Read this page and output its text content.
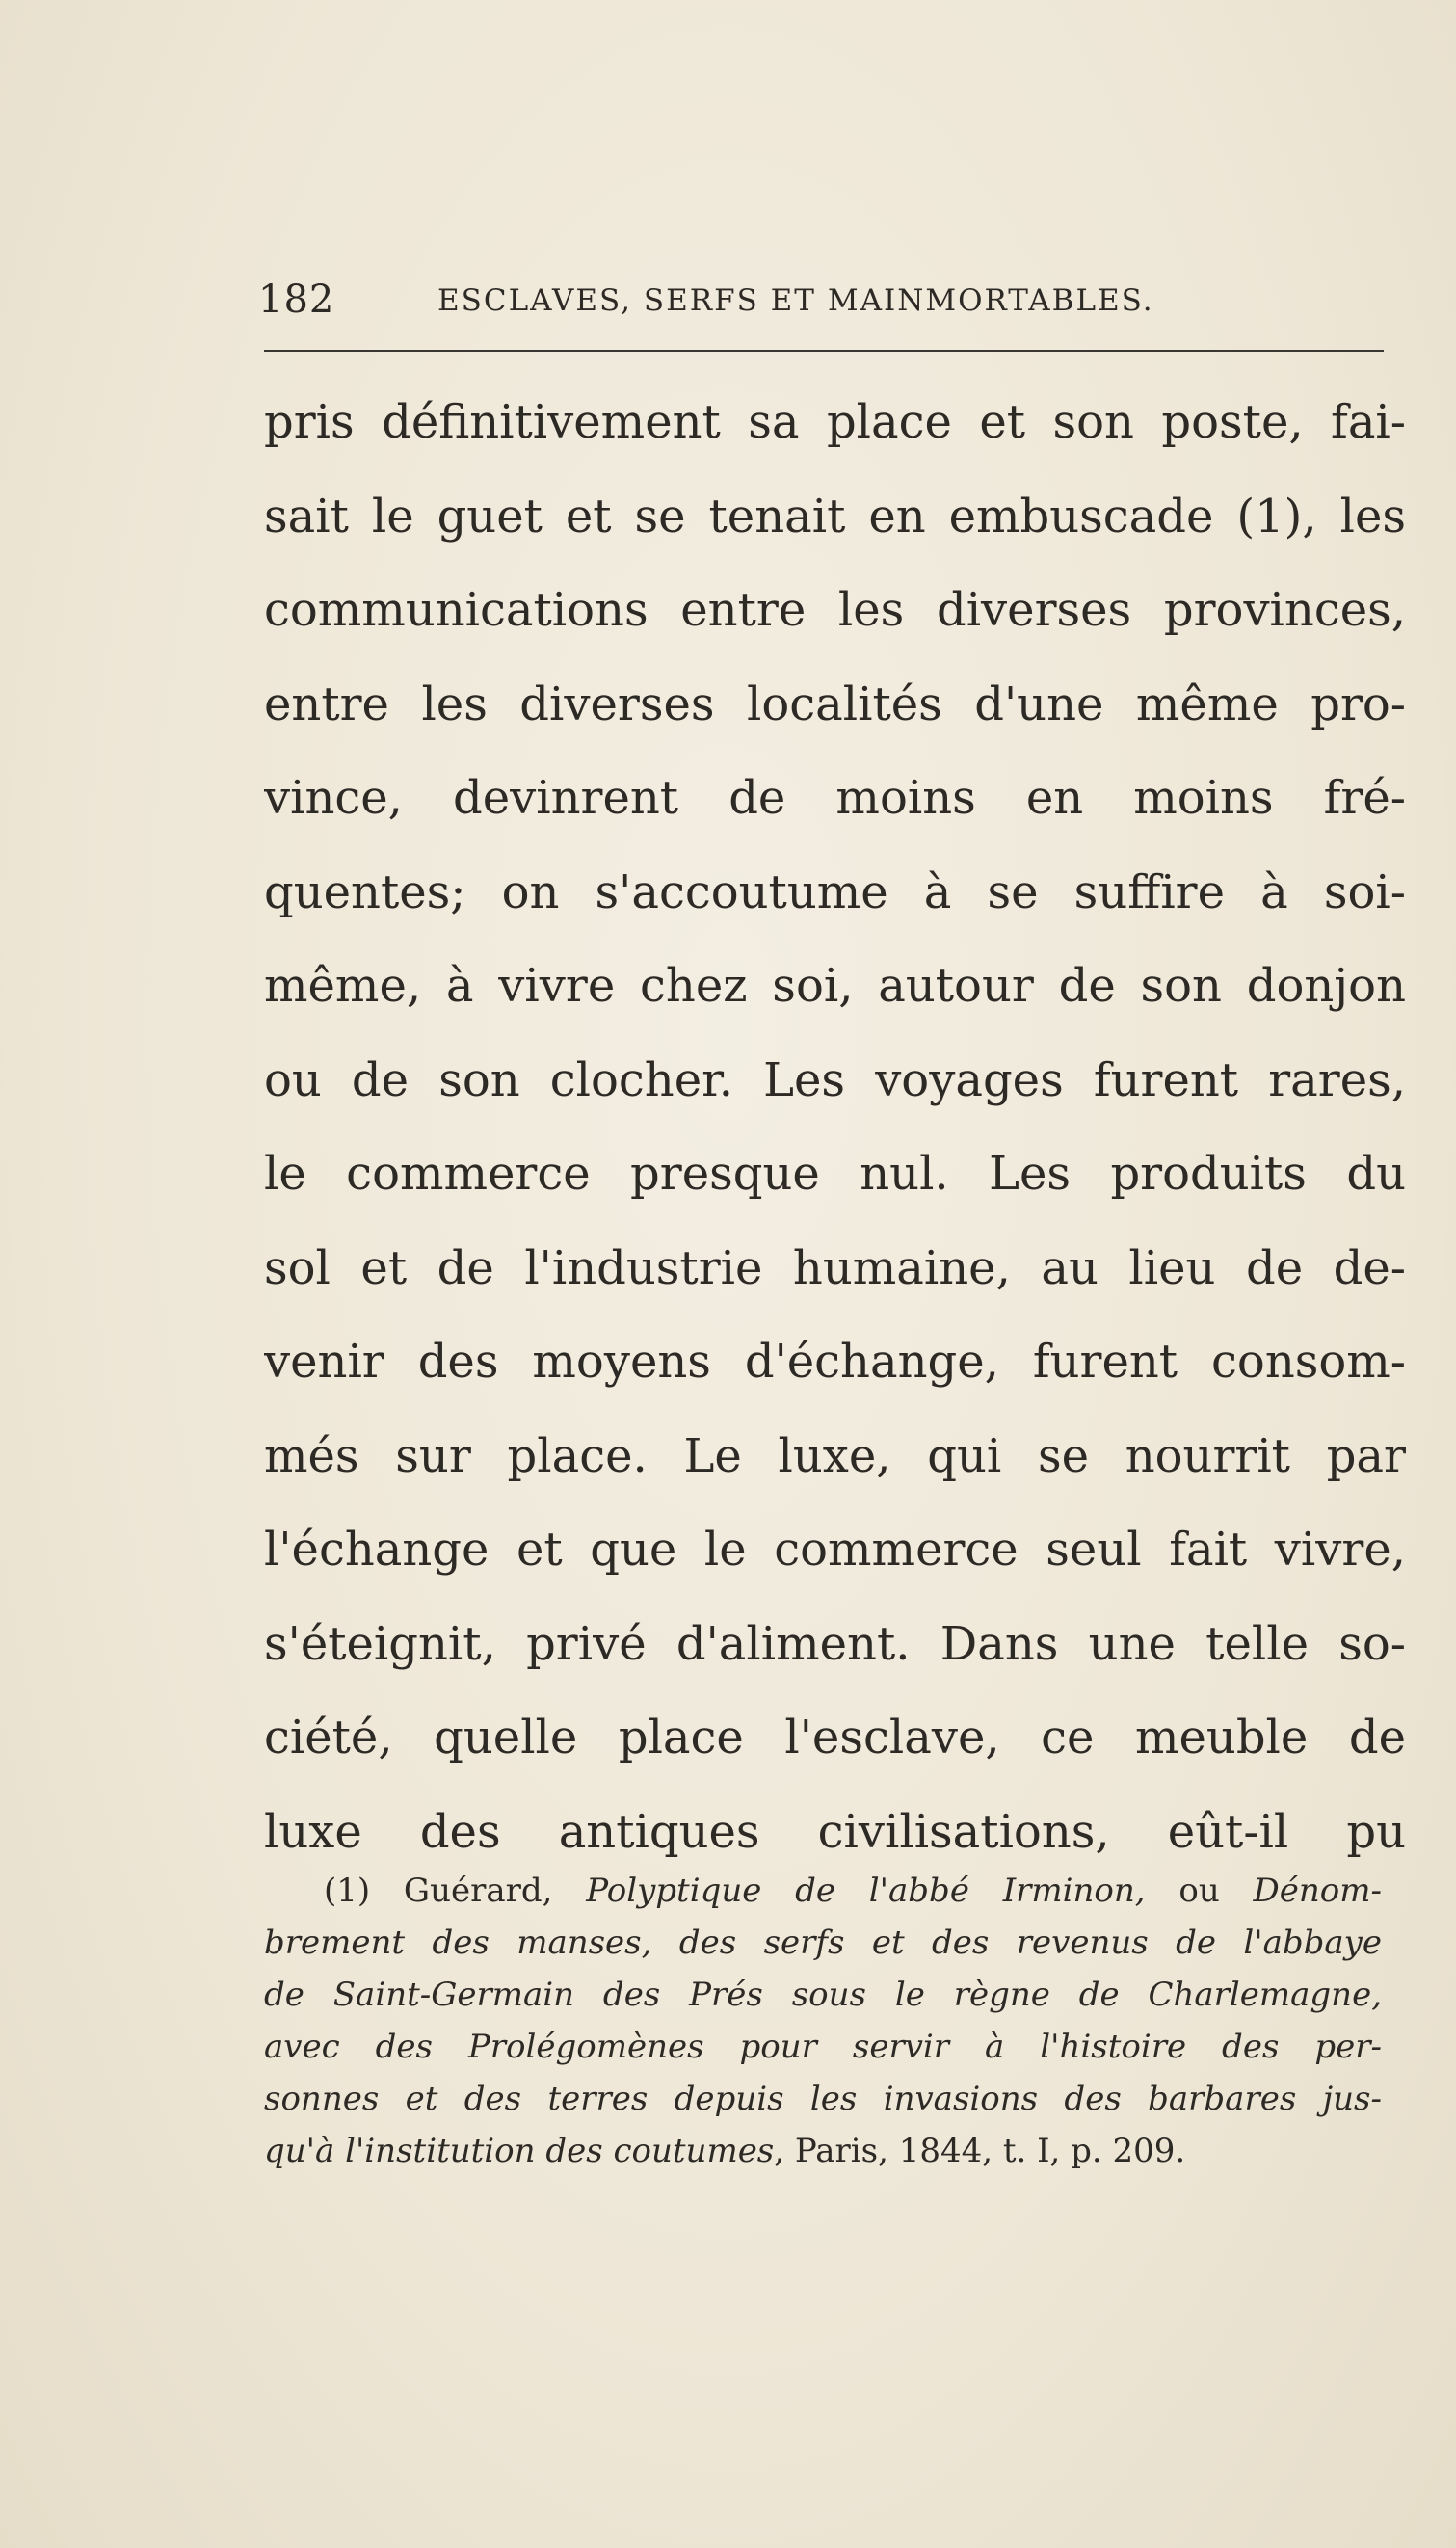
182	ESCLAVES, SERFS ET MAINMORTABLES.
pris définitivement sa place et son poste, fai-
sait le guet et se tenait en embuscade (1), les
communications entre les diverses provinces,
entre les diverses localités d'une même pro-
vince, devinrent de moins en moins fré-
quentes; on s'accoutume à se suffire à soi-
même, à vivre chez soi, autour de son donjon
ou de son clocher. Les voyages furent rares,
le commerce presque nul. Les produits du
sol et de l'industrie humaine, au lieu de de-
venir des moyens d'échange, furent consom-
més sur place. Le luxe, qui se nourrit par
l'échange et que le commerce seul fait vivre,
s'éteignit, privé d'aliment. Dans une telle so-
ciété, quelle place l'esclave, ce meuble de
luxe des antiques civilisations, eût-il pu
(1) Guérard, Polyptique de l'abbé Irminon, ou Dénom-
brement des manses, des serfs et des revenus de l'abbaye
de Saint-Germain des Prés sous le règne de Charlemagne,
avec des Prolégomènes pour servir à l'histoire des per-
sonnes et des terres depuis les invasions des barbares jus-
qu'à l'institution des coutumes, Paris, 1844, t. I, p. 209.
